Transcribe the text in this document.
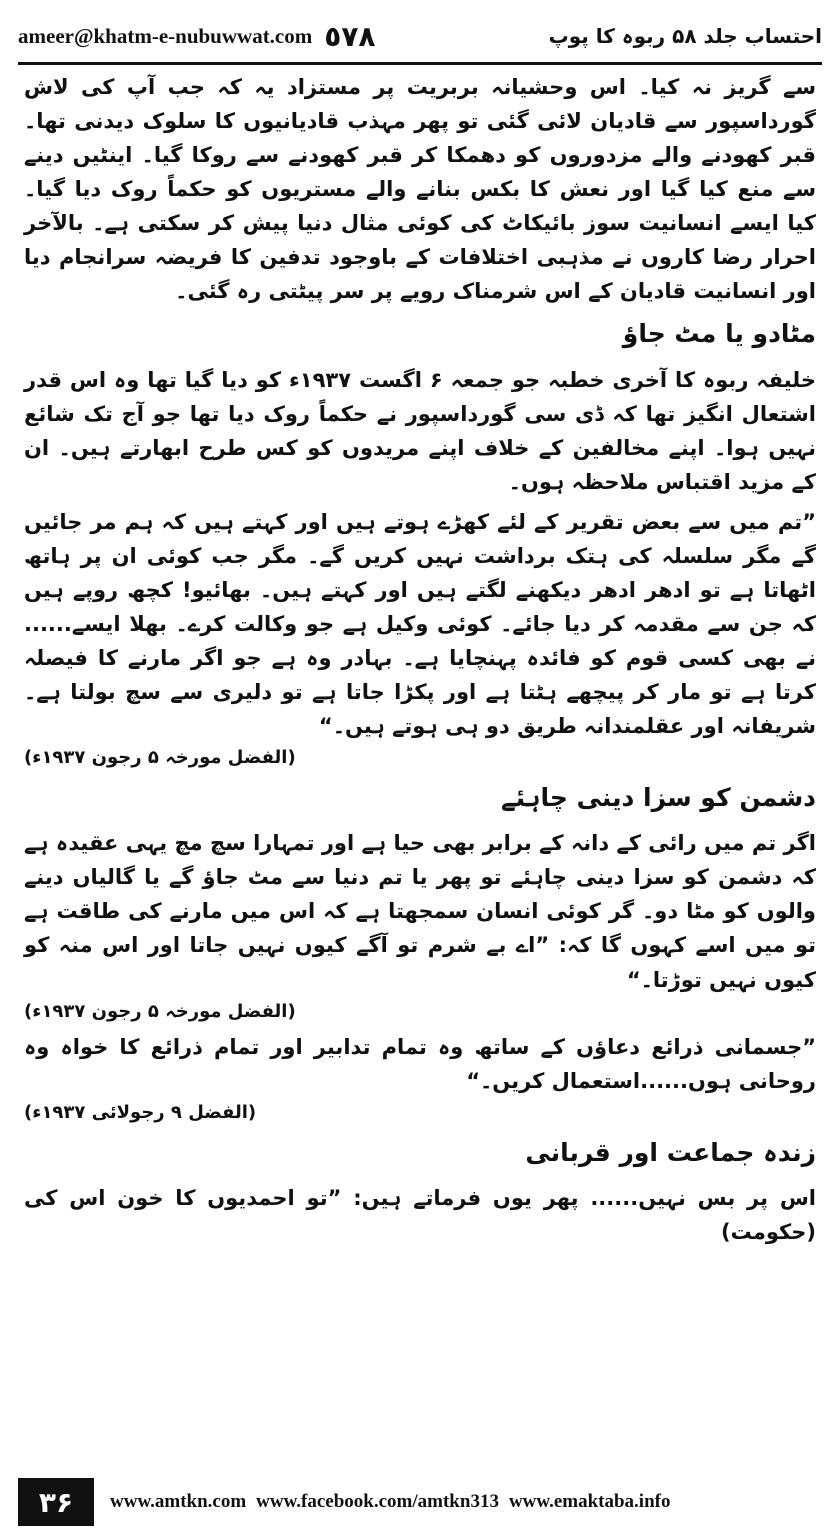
ameer@khatm-e-nubuwwat.com ٥٧٨	احتساب جلد ۵۸ ربوہ کا پوپ

سے گریز نہ کیا۔ اس وحشیانہ بربریت پر مستزاد یہ کہ جب آپ کی لاش گورداسپور سے قادیان لائی گئی تو پھر مہذب قادیانیوں کا سلوک دیدنی تھا۔ قبر کھودنے والے مزدوروں کو دھمکا کر قبر کھودنے سے روکا گیا۔ اینٹیں دینے سے منع کیا گیا اور نعش کا بکس بنانے والے مستریوں کو حکماً روک دیا گیا۔ کیا ایسے انسانیت سوز بائیکاٹ کی کوئی مثال دنیا پیش کر سکتی ہے۔ بالآخر احرار رضا کاروں نے مذہبی اختلافات کے باوجود تدفین کا فریضہ سرانجام دیا اور انسانیت قادیان کے اس شرمناک رویے پر سر پیٹتی رہ گئی۔

مٹادو یا مٹ جاؤ

خلیفہ ربوہ کا آخری خطبہ جو جمعہ ۶ اگست ۱۹۳۷ء کو دیا گیا تھا وہ اس قدر اشتعال انگیز تھا کہ ڈی سی گورداسپور نے حکماً روک دیا تھا جو آج تک شائع نہیں ہوا۔ اپنے مخالفین کے خلاف اپنے مریدوں کو کس طرح ابھارتے ہیں۔ ان کے مزید اقتباس ملاحظہ ہوں۔

”تم میں سے بعض تقریر کے لئے کھڑے ہوتے ہیں اور کہتے ہیں کہ ہم مر جائیں گے مگر سلسلہ کی ہتک برداشت نہیں کریں گے۔ مگر جب کوئی ان پر ہاتھ اٹھاتا ہے تو ادھر ادھر دیکھنے لگتے ہیں اور کہتے ہیں۔ بھائیو! کچھ روپے ہیں کہ جن سے مقدمہ کر دیا جائے۔ کوئی وکیل ہے جو وکالت کرے۔ بھلا ایسے...... نے بھی کسی قوم کو فائدہ پہنچایا ہے۔ بہادر وہ ہے جو اگر مارنے کا فیصلہ کرتا ہے تو مار کر پیچھے ہٹتا ہے اور پکڑا جاتا ہے تو دلیری سے سچ بولتا ہے۔ شریفانہ اور عقلمندانہ طریق دو ہی ہوتے ہیں۔“

(الفضل مورخہ ۵ رجون ۱۹۳۷ء)
دشمن کو سزا دینی چاہئے

اگر تم میں رائی کے دانہ کے برابر بھی حیا ہے اور تمہارا سچ مچ یہی عقیدہ ہے کہ دشمن کو سزا دینی چاہئے تو پھر یا تم دنیا سے مٹ جاؤ گے یا گالیاں دینے والوں کو مٹا دو۔ گر کوئی انسان سمجھتا ہے کہ اس میں مارنے کی طاقت ہے تو میں اسے کہوں گا کہ: ”اے بے شرم تو آگے کیوں نہیں جاتا اور اس منہ کو کیوں نہیں توڑتا۔“

(الفضل مورخہ ۵ رجون ۱۹۳۷ء)

”جسمانی ذرائع دعاؤں کے ساتھ وہ تمام تدابیر اور تمام ذرائع کا خواہ وہ روحانی ہوں......استعمال کریں۔“

(الفضل ۹ رجولائی ۱۹۳۷ء)
زندہ جماعت اور قربانی

اس پر بس نہیں...... پھر یوں فرماتے ہیں: ”تو احمدیوں کا خون اس کی (حکومت)

۳۶	www.amtkn.com www.facebook.com/amtkn313 www.emaktaba.info
